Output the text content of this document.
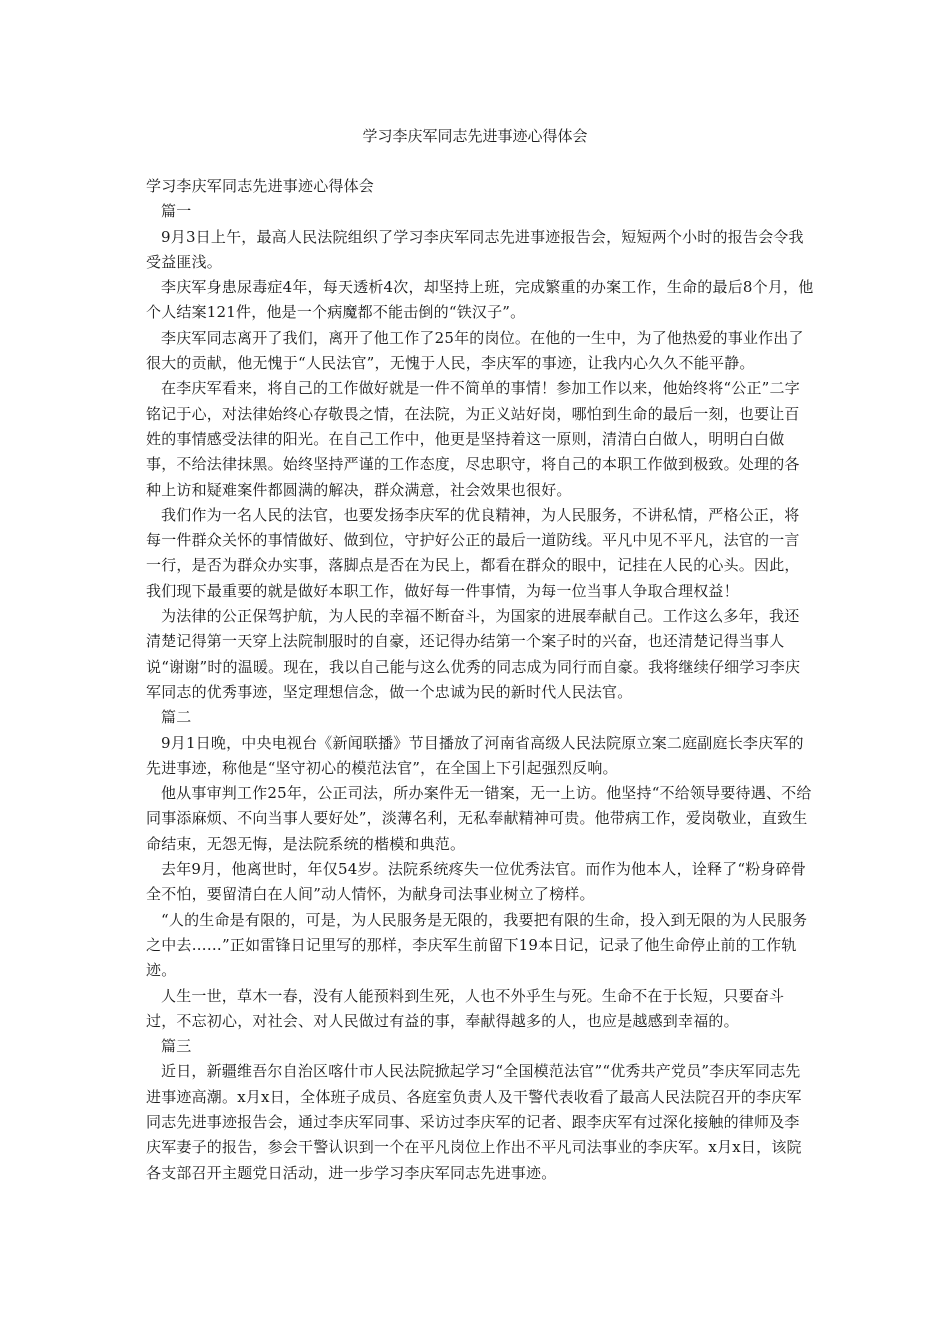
学习李庆军同志先进事迹心得体会

学习李庆军同志先进事迹心得体会

篇一

9月3日上午，最高人民法院组织了学习李庆军同志先进事迹报告会，短短两个小时的报告会令我受益匪浅。

李庆军身患尿毒症4年，每天透析4次，却坚持上班，完成繁重的办案工作，生命的最后8个月，他个人结案121件，他是一个病魔都不能击倒的“铁汉子”。

李庆军同志离开了我们，离开了他工作了25年的岗位。在他的一生中，为了他热爱的事业作出了很大的贡献，他无愧于“人民法官”，无愧于人民，李庆军的事迹，让我内心久久不能平静。

在李庆军看来，将自己的工作做好就是一件不简单的事情！参加工作以来，他始终将“公正”二字铭记于心，对法律始终心存敬畏之情，在法院，为正义站好岗，哪怕到生命的最后一刻，也要让百姓的事情感受法律的阳光。在自己工作中，他更是坚持着这一原则，清清白白做人，明明白白做事，不给法律抹黑。始终坚持严谨的工作态度，尽忠职守，将自己的本职工作做到极致。处理的各种上访和疑难案件都圆满的解决，群众满意，社会效果也很好。

我们作为一名人民的法官，也要发扬李庆军的优良精神，为人民服务，不讲私情，严格公正，将每一件群众关怀的事情做好、做到位，守护好公正的最后一道防线。平凡中见不平凡，法官的一言一行，是否为群众办实事，落脚点是否在为民上，都看在群众的眼中，记挂在人民的心头。因此，我们现下最重要的就是做好本职工作，做好每一件事情，为每一位当事人争取合理权益！

为法律的公正保驾护航，为人民的幸福不断奋斗，为国家的进展奉献自己。工作这么多年，我还清楚记得第一天穿上法院制服时的自豪，还记得办结第一个案子时的兴奋，也还清楚记得当事人说“谢谢”时的温暖。现在，我以自己能与这么优秀的同志成为同行而自豪。我将继续仔细学习李庆军同志的优秀事迹，坚定理想信念，做一个忠诚为民的新时代人民法官。

篇二

9月1日晚，中央电视台《新闻联播》节目播放了河南省高级人民法院原立案二庭副庭长李庆军的先进事迹，称他是“坚守初心的模范法官”，在全国上下引起强烈反响。

他从事审判工作25年，公正司法，所办案件无一错案，无一上访。他坚持“不给领导要待遇、不给同事添麻烦、不向当事人要好处”，淡薄名利，无私奉献精神可贵。他带病工作，爱岗敬业，直致生命结束，无怨无悔，是法院系统的楷模和典范。

去年9月，他离世时，年仅54岁。法院系统疼失一位优秀法官。而作为他本人，诠释了“粉身碎骨全不怕，要留清白在人间”动人情怀，为献身司法事业树立了榜样。

“人的生命是有限的，可是，为人民服务是无限的，我要把有限的生命，投入到无限的为人民服务之中去……”正如雷锋日记里写的那样，李庆军生前留下19本日记，记录了他生命停止前的工作轨迹。

人生一世，草木一春，没有人能预料到生死，人也不外乎生与死。生命不在于长短，只要奋斗过，不忘初心，对社会、对人民做过有益的事，奉献得越多的人，也应是越感到幸福的。

篇三

近日，新疆维吾尔自治区喀什市人民法院掀起学习“全国模范法官”“优秀共产党员”李庆军同志先进事迹高潮。x月x日，全体班子成员、各庭室负责人及干警代表收看了最高人民法院召开的李庆军同志先进事迹报告会，通过李庆军同事、采访过李庆军的记者、跟李庆军有过深化接触的律师及李庆军妻子的报告，参会干警认识到一个在平凡岗位上作出不平凡司法事业的李庆军。x月x日，该院各支部召开主题党日活动，进一步学习李庆军同志先进事迹。
